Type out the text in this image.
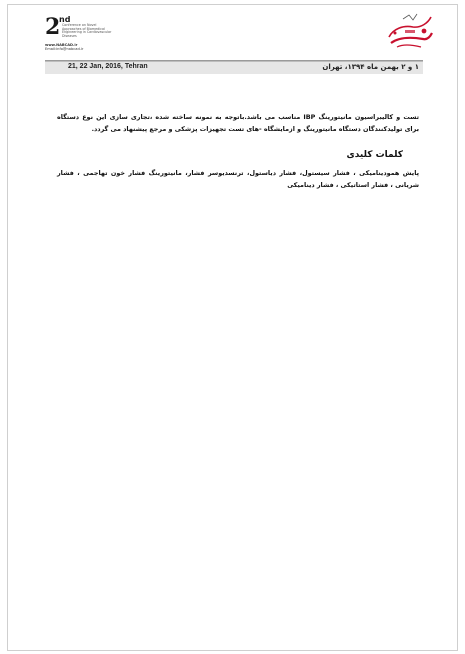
2
nd
Conference on Novel
Approaches of Biomedical
Engineering in Cardiovascular
Diseases
www.NABCAD.ir
Email:info@nabcad.ir
21, 22 Jan, 2016, Tehran	۱ و ۲ بهمن ماه ۱۳۹۴، تهران
تست و کالیبراسیون مانیتورینگ IBP مناسب می باشد.باتوجه به نمونه ساخته شده ،تجاری سازی این نوع دستگاه برای تولیدکنندگان دستگاه مانیتورینگ و ازمایشگاه -های تست تجهیزات پزشکی و مرجع پیشنهاد می گردد.
کلمات کلیدی
پایش همودینامیکی ، فشار سیستول، فشار دیاستول، ترنسدیوسر فشار، مانیتورینگ فشار خون تهاجمی ، فشار شریانی ، فشار استاتیکی ، فشار دینامیکی
